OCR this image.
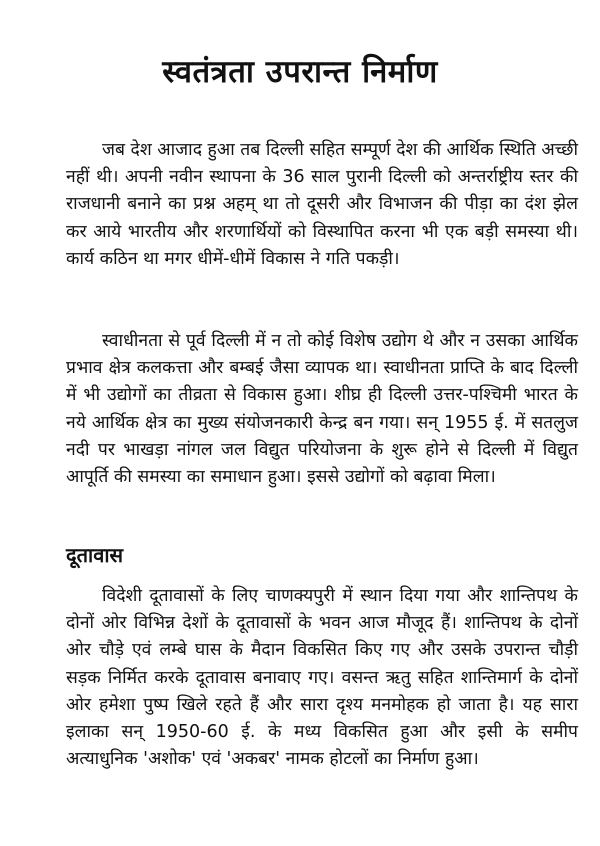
स्वतंत्रता उपरान्त निर्माण

जब देश आजाद हुआ तब दिल्ली सहित सम्पूर्ण देश की आर्थिक स्थिति अच्छी नहीं थी। अपनी नवीन स्थापना के 36 साल पुरानी दिल्ली को अन्तर्राष्ट्रीय स्तर की राजधानी बनाने का प्रश्न अहम् था तो दूसरी और विभाजन की पीड़ा का दंश झेल कर आये भारतीय और शरणार्थियों को विस्थापित करना भी एक बड़ी समस्या थी। कार्य कठिन था मगर धीमें-धीमें विकास ने गति पकड़ी।

स्वाधीनता से पूर्व दिल्ली में न तो कोई विशेष उद्योग थे और न उसका आर्थिक प्रभाव क्षेत्र कलकत्ता और बम्बई जैसा व्यापक था। स्वाधीनता प्राप्ति के बाद दिल्ली में भी उद्योगों का तीव्रता से विकास हुआ। शीघ्र ही दिल्ली उत्तर-पश्चिमी भारत के नये आर्थिक क्षेत्र का मुख्य संयोजनकारी केन्द्र बन गया। सन् 1955 ई. में सतलुज नदी पर भाखड़ा नांगल जल विद्युत परियोजना के शुरू होने से दिल्ली में विद्युत आपूर्ति की समस्या का समाधान हुआ। इससे उद्योगों को बढ़ावा मिला।

दूतावास

विदेशी दूतावासों के लिए चाणक्यपुरी में स्थान दिया गया और शान्तिपथ के दोनों ओर विभिन्न देशों के दूतावासों के भवन आज मौजूद हैं। शान्तिपथ के दोनों ओर चौड़े एवं लम्बे घास के मैदान विकसित किए गए और उसके उपरान्त चौड़ी सड़क निर्मित करके दूतावास बनावाए गए। वसन्त ऋतु सहित शान्तिमार्ग के दोनों ओर हमेशा पुष्प खिले रहते हैं और सारा दृश्य मनमोहक हो जाता है। यह सारा इलाका सन् 1950-60 ई. के मध्य विकसित हुआ और इसी के समीप अत्याधुनिक 'अशोक' एवं 'अकबर' नामक होटलों का निर्माण हुआ।
